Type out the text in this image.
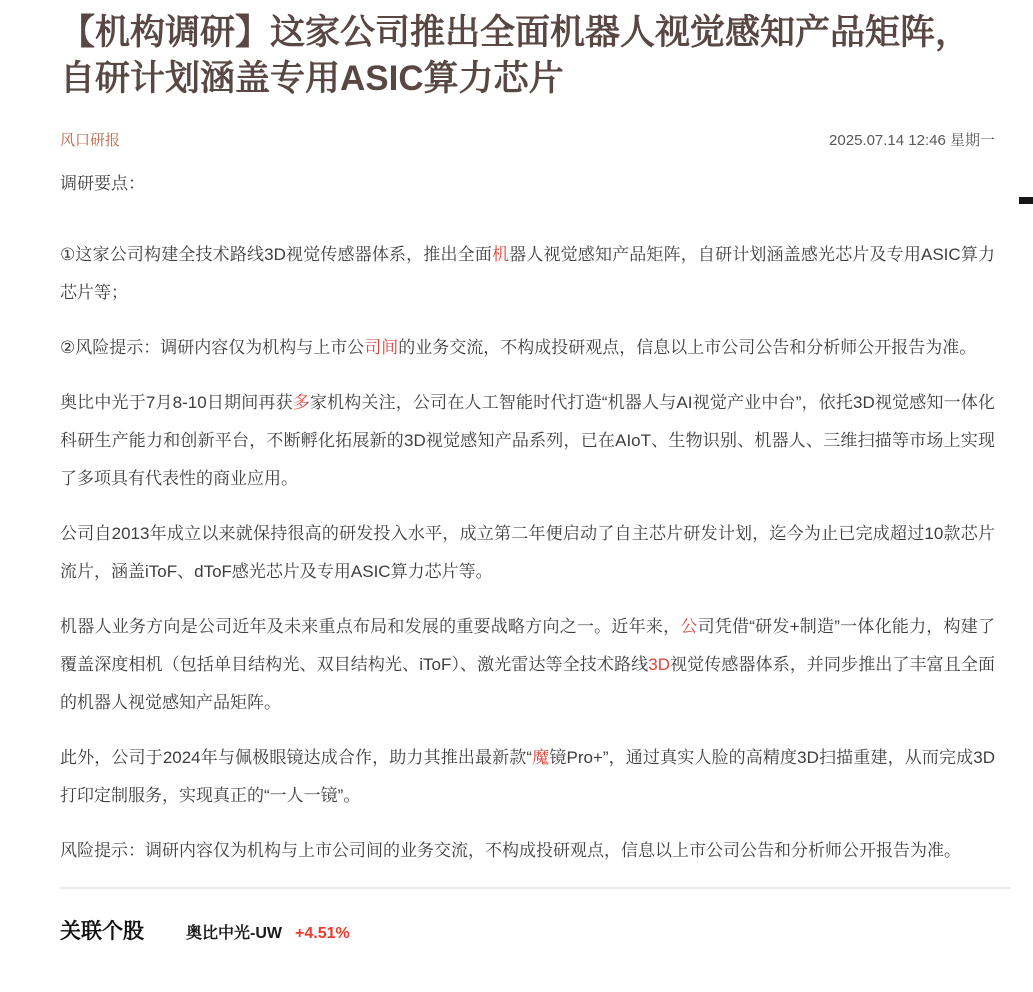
【机构调研】这家公司推出全面机器人视觉感知产品矩阵，自研计划涵盖专用ASIC算力芯片
风口研报	2025.07.14 12:46 星期一

调研要点：

①这家公司构建全技术路线3D视觉传感器体系，推出全面机器人视觉感知产品矩阵，自研计划涵盖感光芯片及专用ASIC算力芯片等；

②风险提示：调研内容仅为机构与上市公司间的业务交流，不构成投研观点，信息以上市公司公告和分析师公开报告为准。

奥比中光于7月8-10日期间再获多家机构关注，公司在人工智能时代打造“机器人与AI视觉产业中台”，依托3D视觉感知一体化科研生产能力和创新平台，不断孵化拓展新的3D视觉感知产品系列，已在AIoT、生物识别、机器人、三维扫描等市场上实现了多项具有代表性的商业应用。

公司自2013年成立以来就保持很高的研发投入水平，成立第二年便启动了自主芯片研发计划，迄今为止已完成超过10款芯片流片，涵盖iToF、dToF感光芯片及专用ASIC算力芯片等。

机器人业务方向是公司近年及未来重点布局和发展的重要战略方向之一。近年来，公司凭借“研发+制造”一体化能力，构建了覆盖深度相机（包括单目结构光、双目结构光、iToF）、激光雷达等全技术路线3D视觉传感器体系，并同步推出了丰富且全面的机器人视觉感知产品矩阵。

此外，公司于2024年与佩极眼镜达成合作，助力其推出最新款“魔镜Pro+”，通过真实人脸的高精度3D扫描重建，从而完成3D打印定制服务，实现真正的“一人一镜”。

风险提示：调研内容仅为机构与上市公司间的业务交流，不构成投研观点，信息以上市公司公告和分析师公开报告为准。

关联个股	奥比中光-UW +4.51%
